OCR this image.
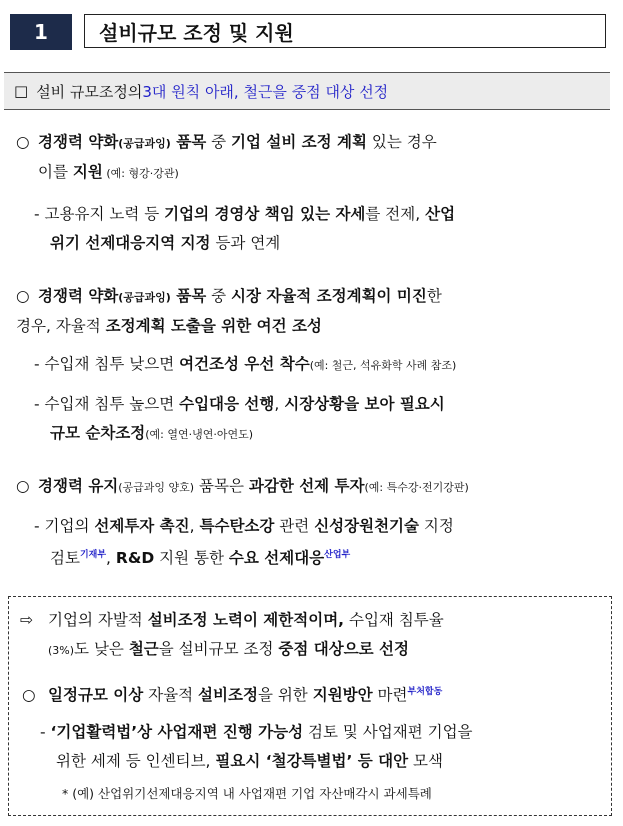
1	설비규모 조정 및 지원
□ 설비 규모조정의 3대 원칙 아래, 철근을 중점 대상 선정
○ 경쟁력 약화(공급과잉) 품목 중 기업 설비 조정 계획 있는 경우
이를 지원 (예: 형강·강관)
- 고용유지 노력 등 기업의 경영상 책임 있는 자세를 전제, 산업
위기 선제대응지역 지정 등과 연계
○ 경쟁력 약화(공급과잉) 품목 중 시장 자율적 조정계획이 미진한
경우, 자율적 조정계획 도출을 위한 여건 조성
- 수입재 침투 낮으면 여건조성 우선 착수(예: 철근, 석유화학 사례 참조)
- 수입재 침투 높으면 수입대응 선행, 시장상황을 보아 필요시
규모 순차조정(예: 열연·냉연·아연도)
○ 경쟁력 유지(공급과잉 양호) 품목은 과감한 선제 투자(예: 특수강·전기강판)
- 기업의 선제투자 촉진, 특수탄소강 관련 신성장원천기술 지정
검토$^{기재부}$, R&D 지원 통한 수요 선제대응$^{산업부}$
⇨ 기업의 자발적 설비조정 노력이 제한적이며, 수입재 침투율
(3%)도 낮은 철근을 설비규모 조정 중점 대상으로 선정
○ 일정규모 이상 자율적 설비조정을 위한 지원방안 마련$^{부처합동}$
- ‘기업활력법’상 사업재편 진행 가능성 검토 및 사업재편 기업을
위한 세제 등 인센티브, 필요시 ‘철강특별법’ 등 대안 모색
* (예) 산업위기선제대응지역 내 사업재편 기업 자산매각시 과세특례
